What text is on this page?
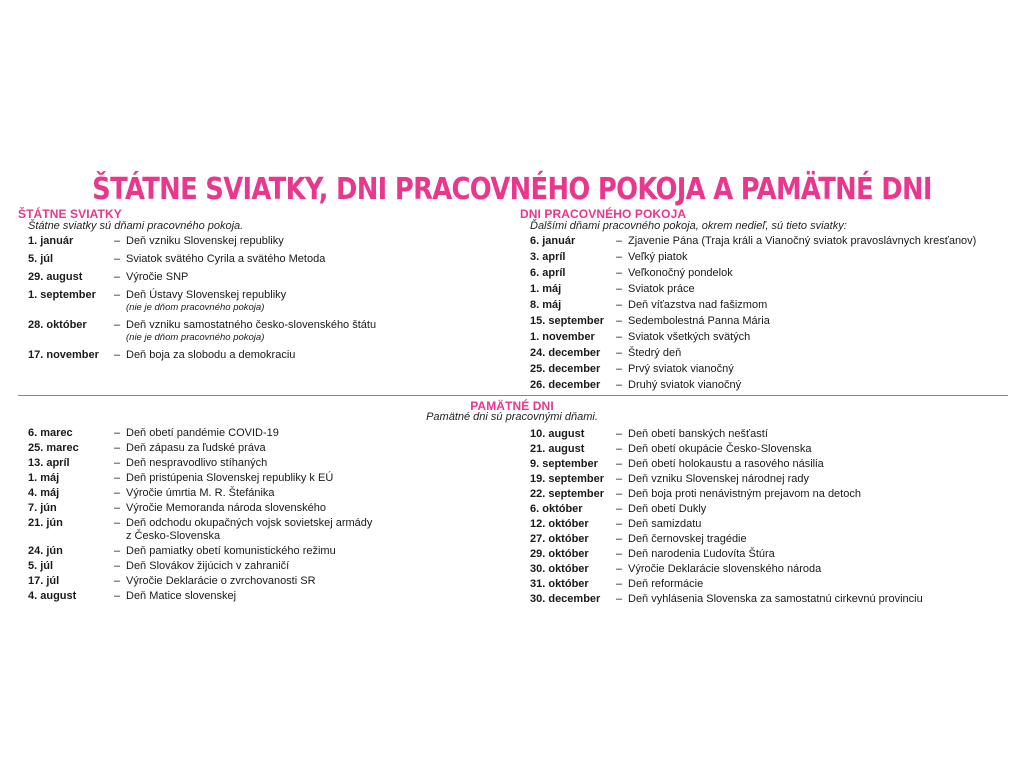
ŠTÁTNE SVIATKY, DNI PRACOVNÉHO POKOJA A PAMÄTNÉ DNI
ŠTÁTNE SVIATKY
Štátne sviatky sú dňami pracovného pokoja.
1. január	– Deň vzniku Slovenskej republiky
5. júl	– Sviatok svätého Cyrila a svätého Metoda
29. august	– Výročie SNP
1. september	– Deň Ústavy Slovenskej republiky
(nie je dňom pracovného pokoja)
28. október	– Deň vzniku samostatného česko-slovenského štátu
(nie je dňom pracovného pokoja)
17. november	– Deň boja za slobodu a demokraciu
DNI PRACOVNÉHO POKOJA
Ďalšími dňami pracovného pokoja, okrem nedieľ, sú tieto sviatky:
6. január	– Zjavenie Pána (Traja králi a Vianočný sviatok pravoslávnych kresťanov)
3. apríl	– Veľký piatok
6. apríl	– Veľkonočný pondelok
1. máj	– Sviatok práce
8. máj	– Deň víťazstva nad fašizmom
15. september	– Sedembolestná Panna Mária
1. november	– Sviatok všetkých svätých
24. december	– Štedrý deň
25. december	– Prvý sviatok vianočný
26. december	– Druhý sviatok vianočný
PAMÄTNÉ DNI
Pamätné dni sú pracovnými dňami.
6. marec	– Deň obetí pandémie COVID-19
25. marec	– Deň zápasu za ľudské práva
13. apríl	– Deň nespravodlivo stíhaných
1. máj	– Deň pristúpenia Slovenskej republiky k EÚ
4. máj	– Výročie úmrtia M. R. Štefánika
7. jún	– Výročie Memoranda národa slovenského
21. jún	– Deň odchodu okupačných vojsk sovietskej armády
z Česko-Slovenska
24. jún	– Deň pamiatky obetí komunistického režimu
5. júl	– Deň Slovákov žijúcich v zahraničí
17. júl	– Výročie Deklarácie o zvrchovanosti SR
4. august	– Deň Matice slovenskej
10. august	– Deň obetí banských nešťastí
21. august	– Deň obetí okupácie Česko-Slovenska
9. september	– Deň obetí holokaustu a rasového násilia
19. september	– Deň vzniku Slovenskej národnej rady
22. september	– Deň boja proti nenávistným prejavom na detoch
6. október	– Deň obetí Dukly
12. október	– Deň samizdatu
27. október	– Deň černovskej tragédie
29. október	– Deň narodenia Ľudovíta Štúra
30. október	– Výročie Deklarácie slovenského národa
31. október	– Deň reformácie
30. december	– Deň vyhlásenia Slovenska za samostatnú cirkevnú provinciu
